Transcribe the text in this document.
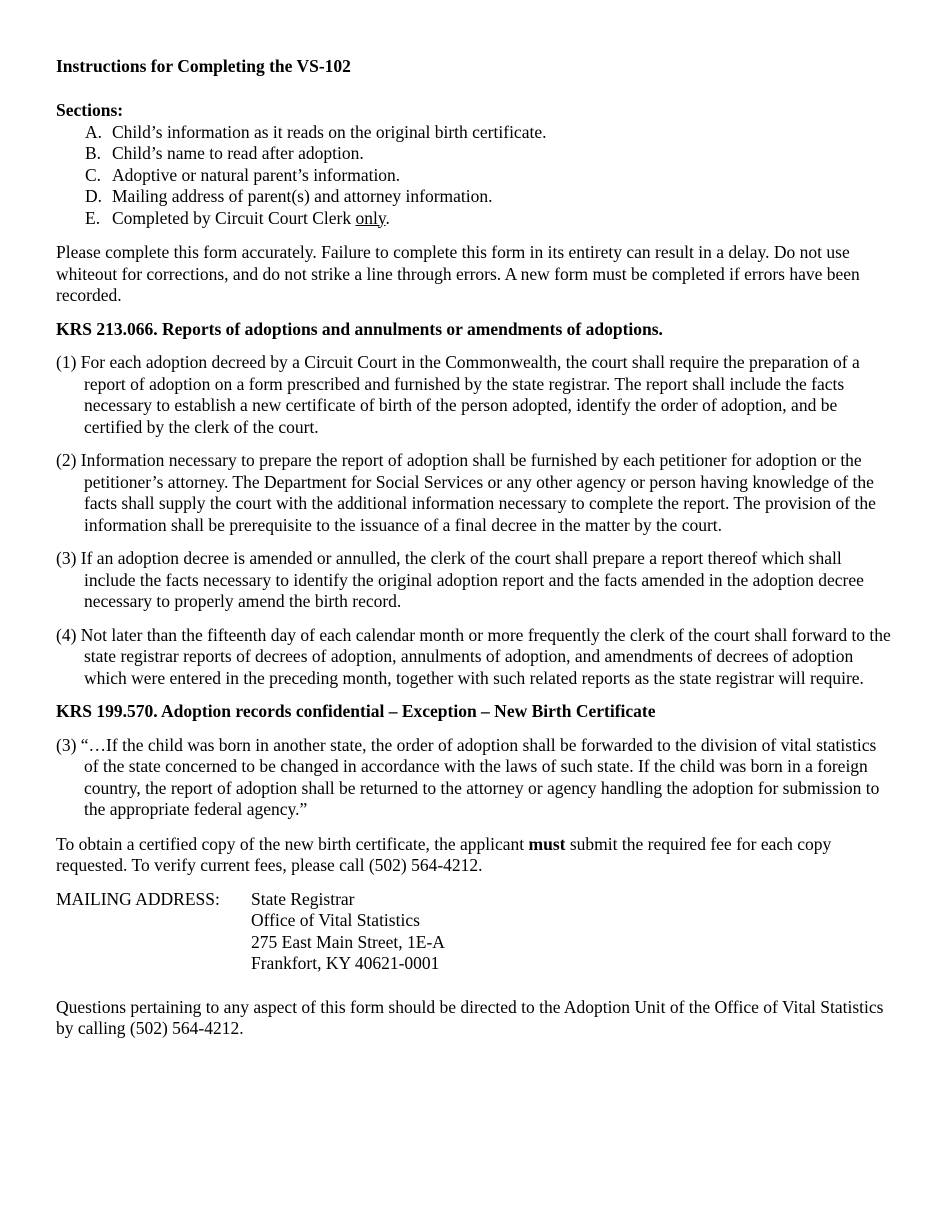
Instructions for Completing the VS-102
Sections:
A. Child’s information as it reads on the original birth certificate.
B. Child’s name to read after adoption.
C. Adoptive or natural parent’s information.
D. Mailing address of parent(s) and attorney information.
E. Completed by Circuit Court Clerk only.
Please complete this form accurately. Failure to complete this form in its entirety can result in a delay. Do not use whiteout for corrections, and do not strike a line through errors. A new form must be completed if errors have been recorded.
KRS 213.066. Reports of adoptions and annulments or amendments of adoptions.
(1) For each adoption decreed by a Circuit Court in the Commonwealth, the court shall require the preparation of a report of adoption on a form prescribed and furnished by the state registrar. The report shall include the facts necessary to establish a new certificate of birth of the person adopted, identify the order of adoption, and be certified by the clerk of the court.
(2) Information necessary to prepare the report of adoption shall be furnished by each petitioner for adoption or the petitioner’s attorney. The Department for Social Services or any other agency or person having knowledge of the facts shall supply the court with the additional information necessary to complete the report. The provision of the information shall be prerequisite to the issuance of a final decree in the matter by the court.
(3) If an adoption decree is amended or annulled, the clerk of the court shall prepare a report thereof which shall include the facts necessary to identify the original adoption report and the facts amended in the adoption decree necessary to properly amend the birth record.
(4) Not later than the fifteenth day of each calendar month or more frequently the clerk of the court shall forward to the state registrar reports of decrees of adoption, annulments of adoption, and amendments of decrees of adoption which were entered in the preceding month, together with such related reports as the state registrar will require.
KRS 199.570. Adoption records confidential – Exception – New Birth Certificate
(3) “…If the child was born in another state, the order of adoption shall be forwarded to the division of vital statistics of the state concerned to be changed in accordance with the laws of such state. If the child was born in a foreign country, the report of adoption shall be returned to the attorney or agency handling the adoption for submission to the appropriate federal agency.”
To obtain a certified copy of the new birth certificate, the applicant must submit the required fee for each copy requested. To verify current fees, please call (502) 564-4212.
MAILING ADDRESS:	State Registrar
Office of Vital Statistics
275 East Main Street, 1E-A
Frankfort, KY 40621-0001
Questions pertaining to any aspect of this form should be directed to the Adoption Unit of the Office of Vital Statistics by calling (502) 564-4212.
